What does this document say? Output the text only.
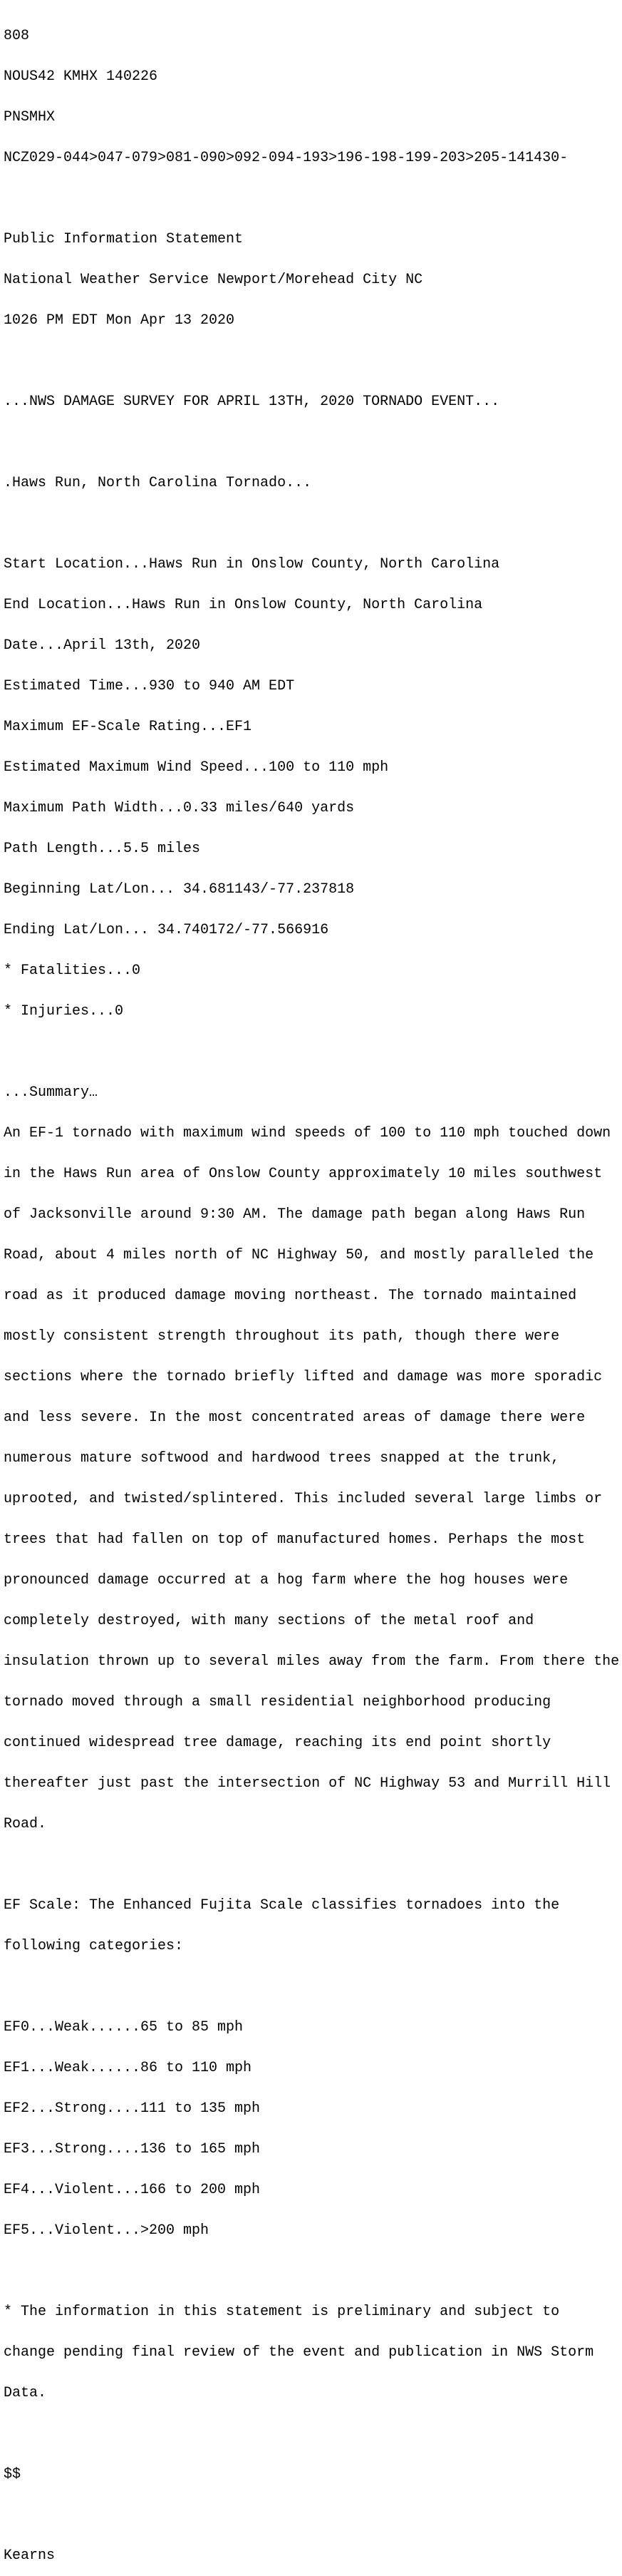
808

NOUS42 KMHX 140226

PNSMHX

NCZ029-044>047-079>081-090>092-094-193>196-198-199-203>205-141430-

Public Information Statement

National Weather Service Newport/Morehead City NC

1026 PM EDT Mon Apr 13 2020

...NWS DAMAGE SURVEY FOR APRIL 13TH, 2020 TORNADO EVENT...

.Haws Run, North Carolina Tornado...

Start Location...Haws Run in Onslow County, North Carolina

End Location...Haws Run in Onslow County, North Carolina

Date...April 13th, 2020

Estimated Time...930 to 940 AM EDT

Maximum EF-Scale Rating...EF1

Estimated Maximum Wind Speed...100 to 110 mph

Maximum Path Width...0.33 miles/640 yards

Path Length...5.5 miles

Beginning Lat/Lon... 34.681143/-77.237818

Ending Lat/Lon... 34.740172/-77.566916

* Fatalities...0

* Injuries...0

...Summary…

An EF-1 tornado with maximum wind speeds of 100 to 110 mph touched down

in the Haws Run area of Onslow County approximately 10 miles southwest

of Jacksonville around 9:30 AM. The damage path began along Haws Run

Road, about 4 miles north of NC Highway 50, and mostly paralleled the

road as it produced damage moving northeast. The tornado maintained

mostly consistent strength throughout its path, though there were

sections where the tornado briefly lifted and damage was more sporadic

and less severe. In the most concentrated areas of damage there were

numerous mature softwood and hardwood trees snapped at the trunk,

uprooted, and twisted/splintered. This included several large limbs or

trees that had fallen on top of manufactured homes. Perhaps the most

pronounced damage occurred at a hog farm where the hog houses were

completely destroyed, with many sections of the metal roof and

insulation thrown up to several miles away from the farm. From there the

tornado moved through a small residential neighborhood producing

continued widespread tree damage, reaching its end point shortly

thereafter just past the intersection of NC Highway 53 and Murrill Hill

Road.

EF Scale: The Enhanced Fujita Scale classifies tornadoes into the

following categories:

EF0...Weak......65 to 85 mph

EF1...Weak......86 to 110 mph

EF2...Strong....111 to 135 mph

EF3...Strong....136 to 165 mph

EF4...Violent...166 to 200 mph

EF5...Violent...>200 mph

* The information in this statement is preliminary and subject to

change pending final review of the event and publication in NWS Storm

Data.

$$

Kearns
